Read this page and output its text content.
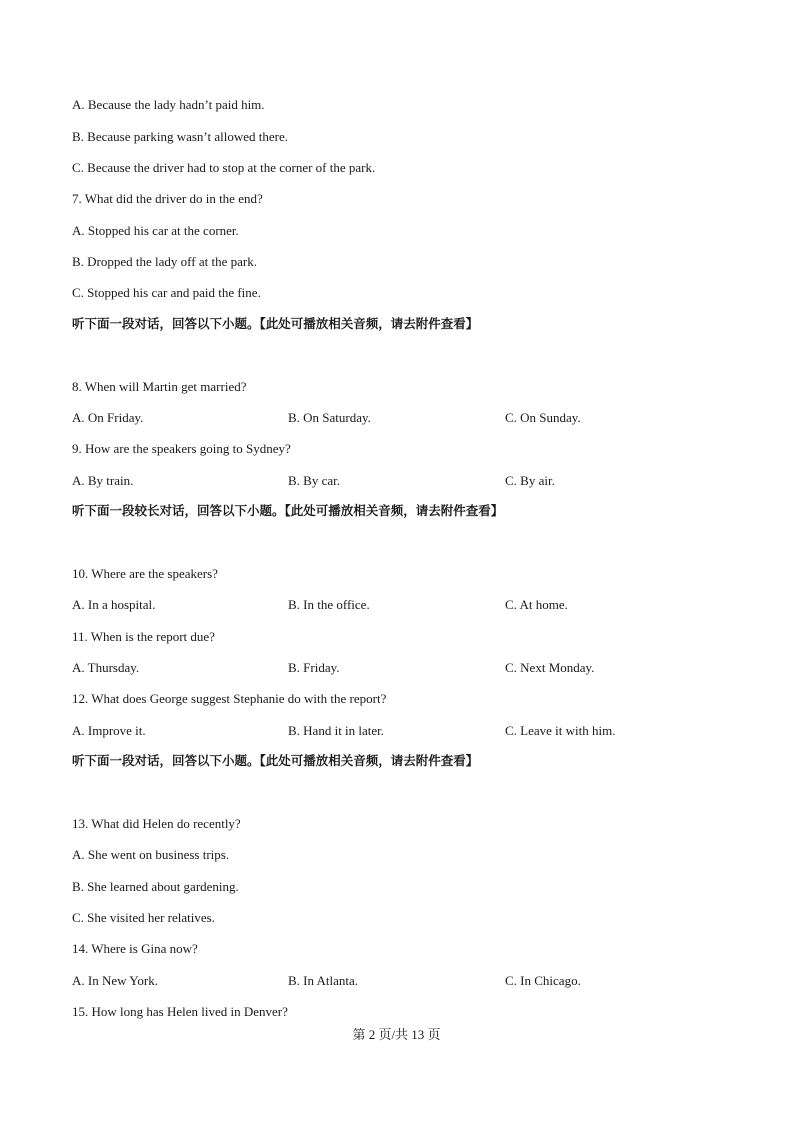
A. Because the lady hadn’t paid him.
B. Because parking wasn’t allowed there.
C. Because the driver had to stop at the corner of the park.
7. What did the driver do in the end?
A. Stopped his car at the corner.
B. Dropped the lady off at the park.
C. Stopped his car and paid the fine.
听下面一段对话，回答以下小题。【此处可播放相关音频，请去附件查看】
8. When will Martin get married?
A. On Friday.	B. On Saturday.	C. On Sunday.
9. How are the speakers going to Sydney?
A. By train.	B. By car.	C. By air.
听下面一段较长对话，回答以下小题。【此处可播放相关音频，请去附件查看】
10. Where are the speakers?
A. In a hospital.	B. In the office.	C. At home.
11. When is the report due?
A. Thursday.	B. Friday.	C. Next Monday.
12. What does George suggest Stephanie do with the report?
A. Improve it.	B. Hand it in later.	C. Leave it with him.
听下面一段对话，回答以下小题。【此处可播放相关音频，请去附件查看】
13. What did Helen do recently?
A. She went on business trips.
B. She learned about gardening.
C. She visited her relatives.
14. Where is Gina now?
A. In New York.	B. In Atlanta.	C. In Chicago.
15. How long has Helen lived in Denver?
第 2 页/共 13 页
